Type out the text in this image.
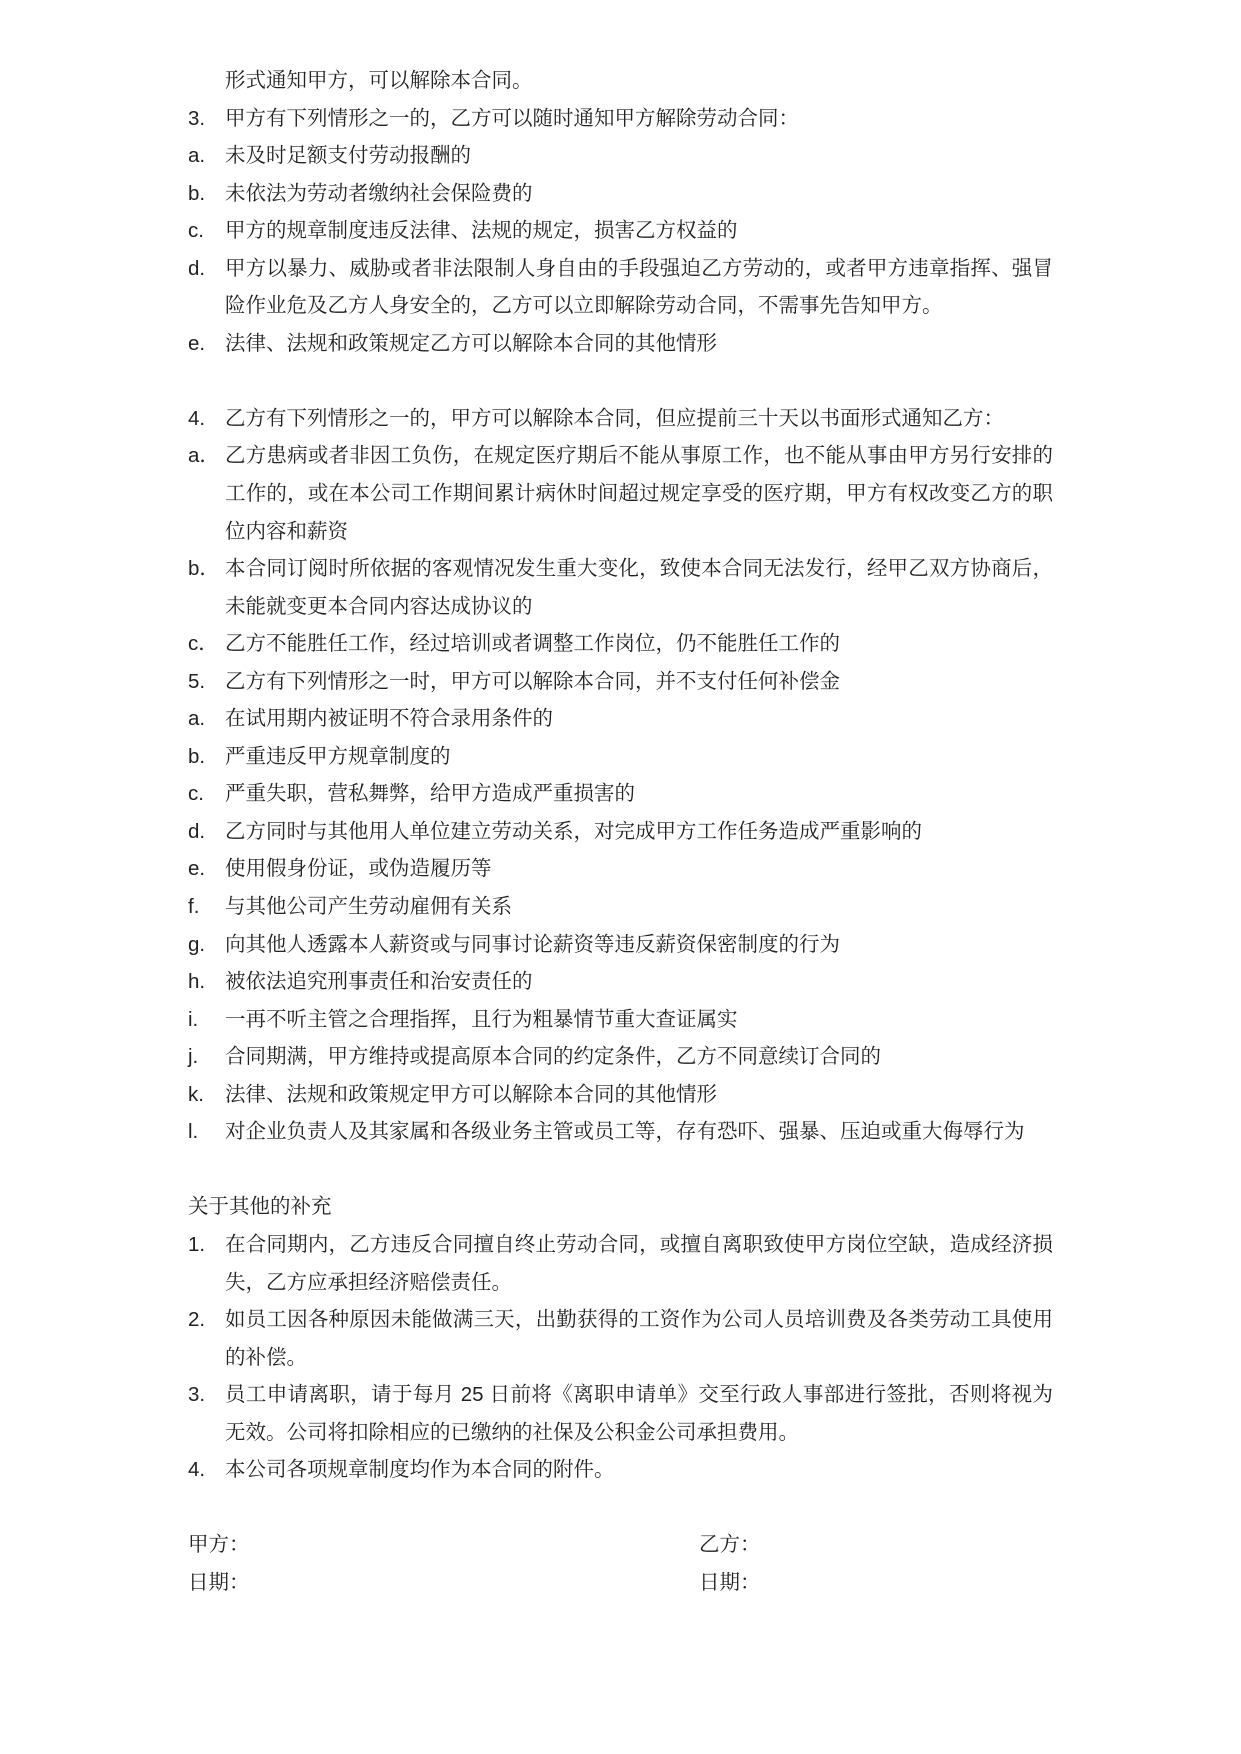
形式通知甲方，可以解除本合同。
3. 甲方有下列情形之一的，乙方可以随时通知甲方解除劳动合同：
a. 未及时足额支付劳动报酬的
b. 未依法为劳动者缴纳社会保险费的
c. 甲方的规章制度违反法律、法规的规定，损害乙方权益的
d. 甲方以暴力、威胁或者非法限制人身自由的手段强迫乙方劳动的，或者甲方违章指挥、强冒
险作业危及乙方人身安全的，乙方可以立即解除劳动合同，不需事先告知甲方。
e. 法律、法规和政策规定乙方可以解除本合同的其他情形
4. 乙方有下列情形之一的，甲方可以解除本合同，但应提前三十天以书面形式通知乙方：
a． 乙方患病或者非因工负伤，在规定医疗期后不能从事原工作，也不能从事由甲方另行安排的
工作的，或在本公司工作期间累计病休时间超过规定享受的医疗期，甲方有权改变乙方的职
位内容和薪资
b． 本合同订阅时所依据的客观情况发生重大变化，致使本合同无法发行，经甲乙双方协商后，
未能就变更本合同内容达成协议的
c． 乙方不能胜任工作，经过培训或者调整工作岗位，仍不能胜任工作的
5. 乙方有下列情形之一时，甲方可以解除本合同，并不支付任何补偿金
a. 在试用期内被证明不符合录用条件的
b. 严重违反甲方规章制度的
c. 严重失职，营私舞弊，给甲方造成严重损害的
d. 乙方同时与其他用人单位建立劳动关系，对完成甲方工作任务造成严重影响的
e. 使用假身份证，或伪造履历等
f. 与其他公司产生劳动雇佣有关系
g. 向其他人透露本人薪资或与同事讨论薪资等违反薪资保密制度的行为
h. 被依法追究刑事责任和治安责任的
i. 一再不听主管之合理指挥，且行为粗暴情节重大查证属实
j. 合同期满，甲方维持或提高原本合同的约定条件，乙方不同意续订合同的
k. 法律、法规和政策规定甲方可以解除本合同的其他情形
l. 对企业负责人及其家属和各级业务主管或员工等，存有恐吓、强暴、压迫或重大侮辱行为
关于其他的补充
1. 在合同期内，乙方违反合同擅自终止劳动合同，或擅自离职致使甲方岗位空缺，造成经济损
失，乙方应承担经济赔偿责任。
2. 如员工因各种原因未能做满三天，出勤获得的工资作为公司人员培训费及各类劳动工具使用
的补偿。
3. 员工申请离职，请于每月 25 日前将《离职申请单》交至行政人事部进行签批，否则将视为
无效。公司将扣除相应的已缴纳的社保及公积金公司承担费用。
4. 本公司各项规章制度均作为本合同的附件。
甲方：	乙方：
日期：	日期：
